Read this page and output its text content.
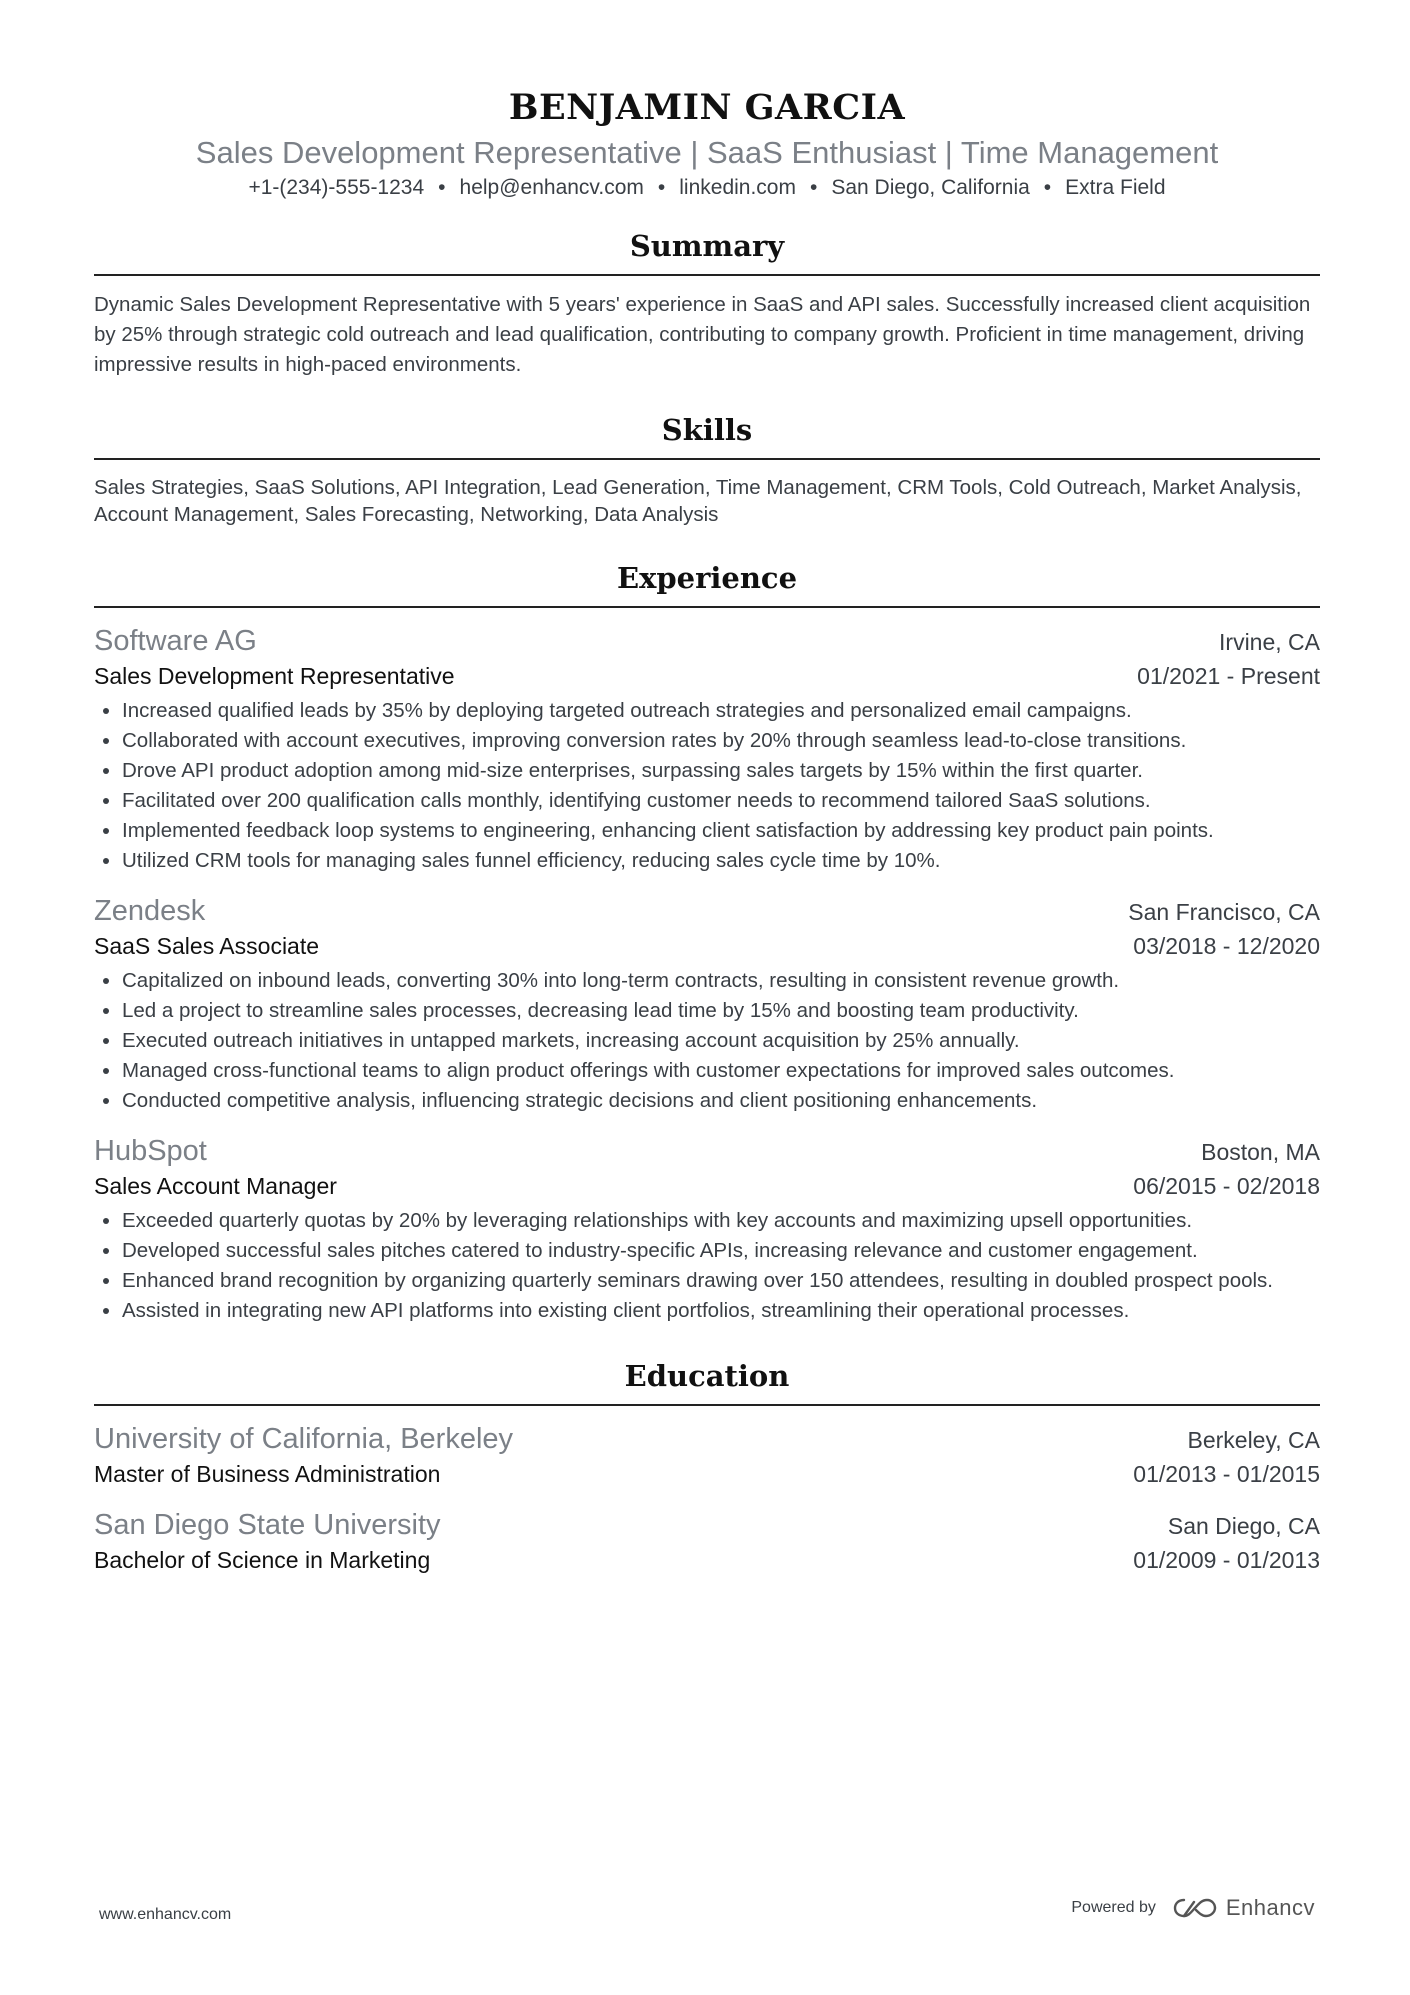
BENJAMIN GARCIA
Sales Development Representative | SaaS Enthusiast | Time Management
+1-(234)-555-1234 • help@enhancv.com • linkedin.com • San Diego, California • Extra Field
Summary
Dynamic Sales Development Representative with 5 years' experience in SaaS and API sales. Successfully increased client acquisition by 25% through strategic cold outreach and lead qualification, contributing to company growth. Proficient in time management, driving impressive results in high-paced environments.
Skills
Sales Strategies, SaaS Solutions, API Integration, Lead Generation, Time Management, CRM Tools, Cold Outreach, Market Analysis, Account Management, Sales Forecasting, Networking, Data Analysis
Experience
Software AG	Irvine, CA
Sales Development Representative	01/2021 - Present
• Increased qualified leads by 35% by deploying targeted outreach strategies and personalized email campaigns.
• Collaborated with account executives, improving conversion rates by 20% through seamless lead-to-close transitions.
• Drove API product adoption among mid-size enterprises, surpassing sales targets by 15% within the first quarter.
• Facilitated over 200 qualification calls monthly, identifying customer needs to recommend tailored SaaS solutions.
• Implemented feedback loop systems to engineering, enhancing client satisfaction by addressing key product pain points.
• Utilized CRM tools for managing sales funnel efficiency, reducing sales cycle time by 10%.
Zendesk	San Francisco, CA
SaaS Sales Associate	03/2018 - 12/2020
• Capitalized on inbound leads, converting 30% into long-term contracts, resulting in consistent revenue growth.
• Led a project to streamline sales processes, decreasing lead time by 15% and boosting team productivity.
• Executed outreach initiatives in untapped markets, increasing account acquisition by 25% annually.
• Managed cross-functional teams to align product offerings with customer expectations for improved sales outcomes.
• Conducted competitive analysis, influencing strategic decisions and client positioning enhancements.
HubSpot	Boston, MA
Sales Account Manager	06/2015 - 02/2018
• Exceeded quarterly quotas by 20% by leveraging relationships with key accounts and maximizing upsell opportunities.
• Developed successful sales pitches catered to industry-specific APIs, increasing relevance and customer engagement.
• Enhanced brand recognition by organizing quarterly seminars drawing over 150 attendees, resulting in doubled prospect pools.
• Assisted in integrating new API platforms into existing client portfolios, streamlining their operational processes.
Education
University of California, Berkeley	Berkeley, CA
Master of Business Administration	01/2013 - 01/2015
San Diego State University	San Diego, CA
Bachelor of Science in Marketing	01/2009 - 01/2013
www.enhancv.com	Powered by	Enhancv
